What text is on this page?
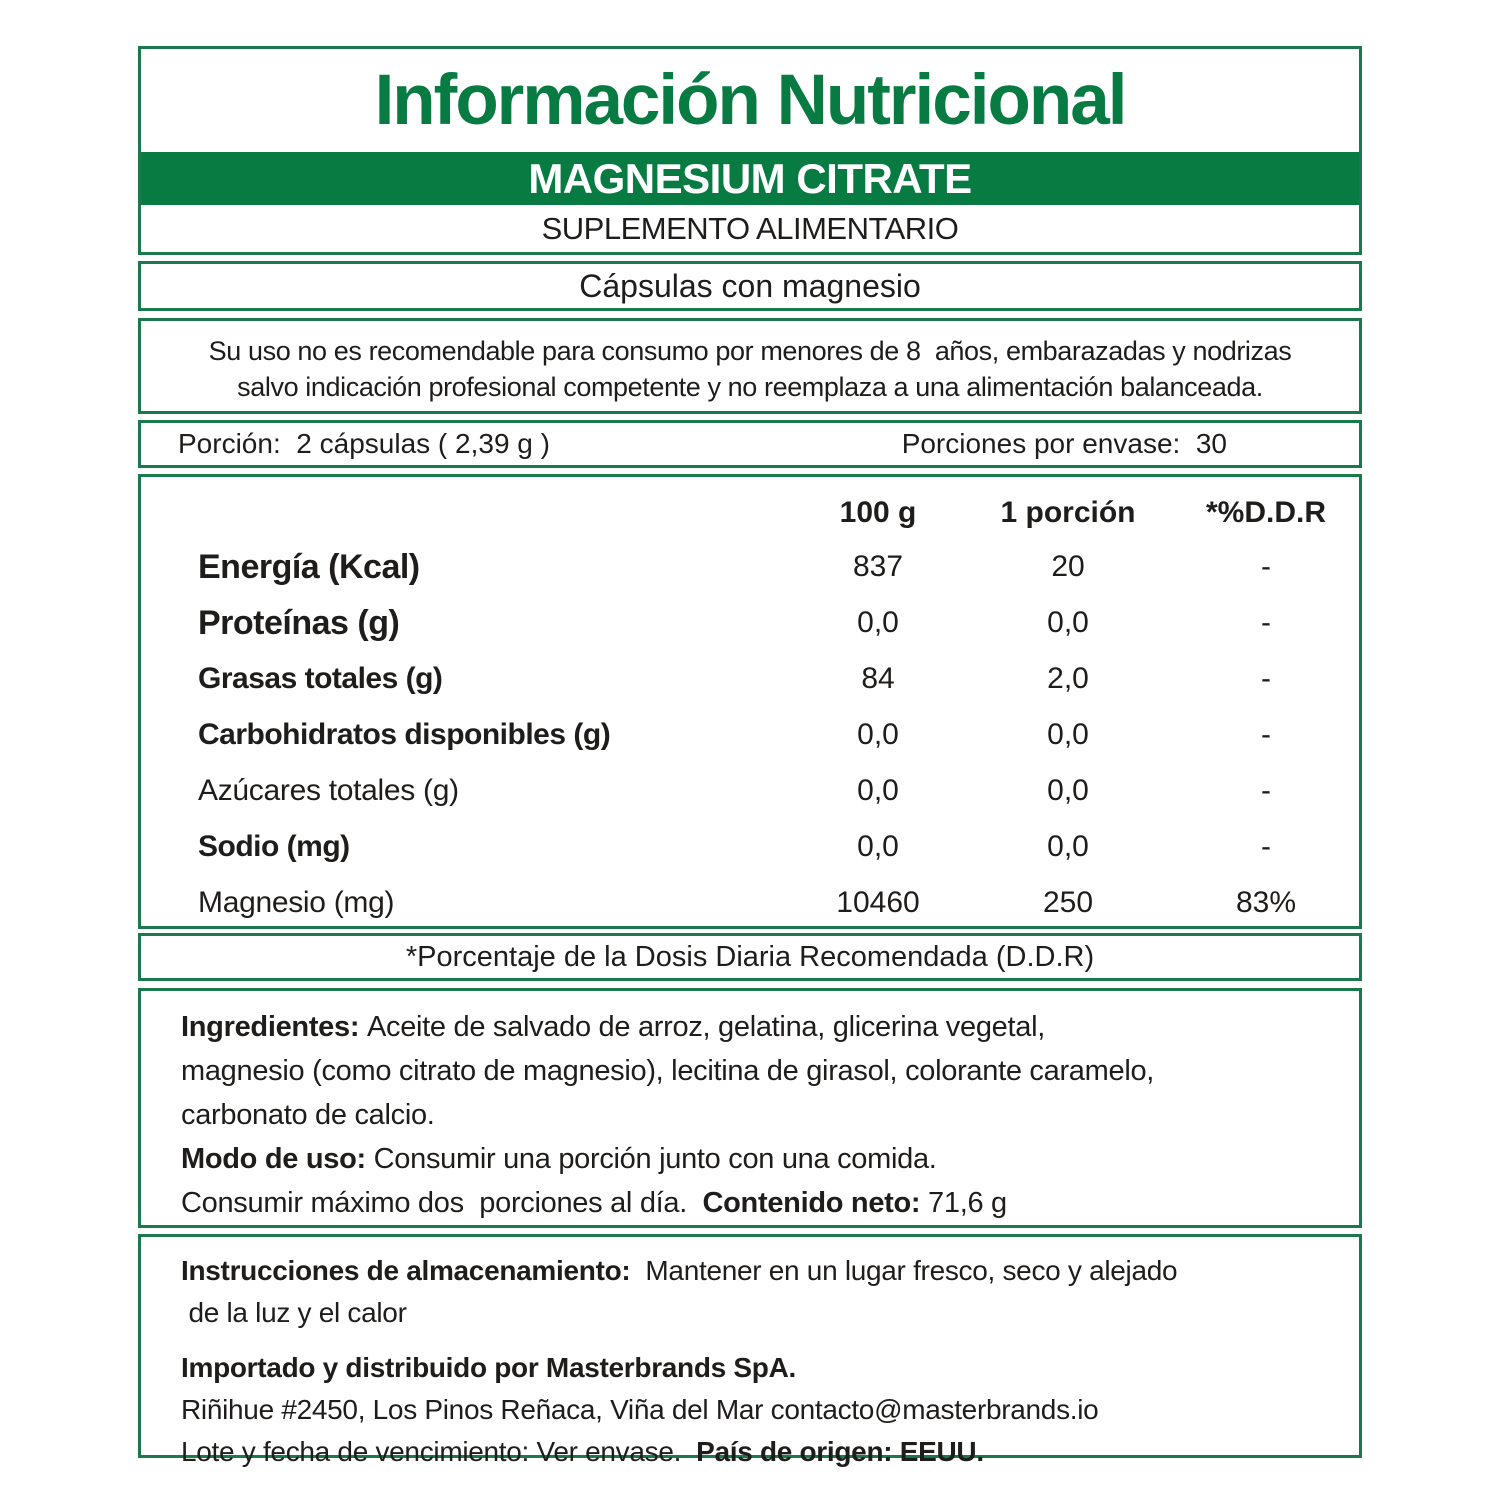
Información Nutricional
MAGNESIUM CITRATE
SUPLEMENTO ALIMENTARIO
Cápsulas con magnesio
Su uso no es recomendable para consumo por menores de 8  años, embarazadas y nodrizas
salvo indicación profesional competente y no reemplaza a una alimentación balanceada.
Porción:  2 cápsulas ( 2,39 g )	Porciones por envase:  30
100 g	1 porción	*%D.D.R
Energía (Kcal)	837	20	-
Proteínas (g)	0,0	0,0	-
Grasas totales (g)	84	2,0	-
Carbohidratos disponibles (g)	0,0	0,0	-
Azúcares totales (g)	0,0	0,0	-
Sodio (mg)	0,0	0,0	-
Magnesio (mg)	10460	250	83%
*Porcentaje de la Dosis Diaria Recomendada (D.D.R)
Ingredientes: Aceite de salvado de arroz, gelatina, glicerina vegetal,
magnesio (como citrato de magnesio), lecitina de girasol, colorante caramelo,
carbonato de calcio.
Modo de uso: Consumir una porción junto con una comida.
Consumir máximo dos  porciones al día.  Contenido neto: 71,6 g
Instrucciones de almacenamiento:  Mantener en un lugar fresco, seco y alejado
de la luz y el calor
Importado y distribuido por Masterbrands SpA.
Riñihue #2450, Los Pinos Reñaca, Viña del Mar contacto@masterbrands.io
Lote y fecha de vencimiento: Ver envase.  País de origen: EEUU.
